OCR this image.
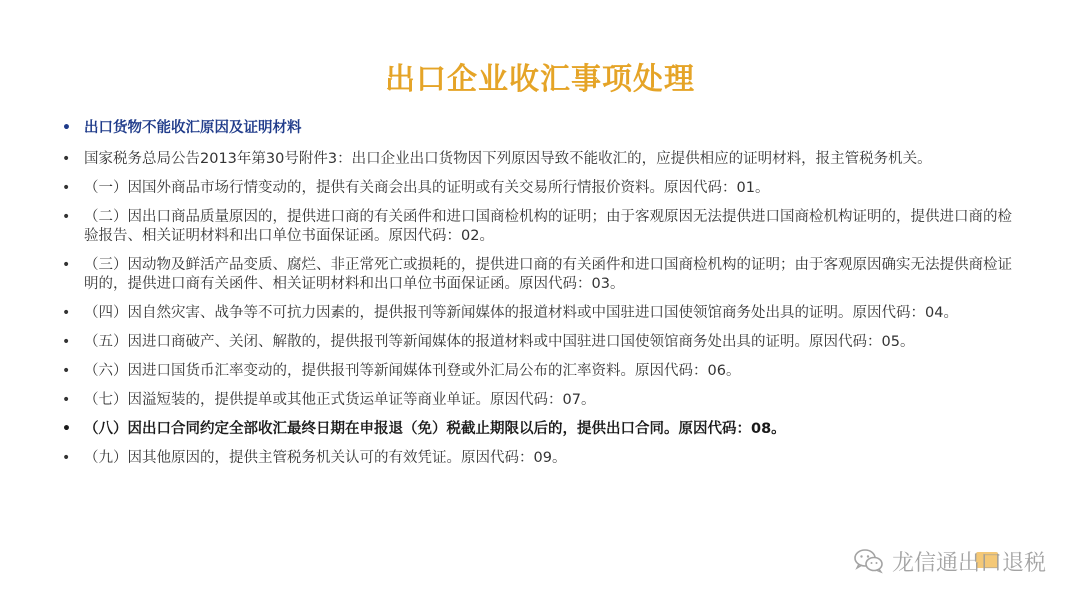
出口企业收汇事项处理
• 出口货物不能收汇原因及证明材料
• 国家税务总局公告2013年第30号附件3：出口企业出口货物因下列原因导致不能收汇的，应提供相应的证明材料，报主管税务机关。
• （一）因国外商品市场行情变动的，提供有关商会出具的证明或有关交易所行情报价资料。原因代码：01。
• （二）因出口商品质量原因的，提供进口商的有关函件和进口国商检机构的证明；由于客观原因无法提供进口国商检机构证明的，提供进口商的检验报告、相关证明材料和出口单位书面保证函。原因代码：02。
• （三）因动物及鲜活产品变质、腐烂、非正常死亡或损耗的，提供进口商的有关函件和进口国商检机构的证明；由于客观原因确实无法提供商检证明的，提供进口商有关函件、相关证明材料和出口单位书面保证函。原因代码：03。
• （四）因自然灾害、战争等不可抗力因素的，提供报刊等新闻媒体的报道材料或中国驻进口国使领馆商务处出具的证明。原因代码：04。
• （五）因进口商破产、关闭、解散的，提供报刊等新闻媒体的报道材料或中国驻进口国使领馆商务处出具的证明。原因代码：05。
• （六）因进口国货币汇率变动的，提供报刊等新闻媒体刊登或外汇局公布的汇率资料。原因代码：06。
• （七）因溢短装的，提供提单或其他正式货运单证等商业单证。原因代码：07。
• （八）因出口合同约定全部收汇最终日期在申报退（免）税截止期限以后的，提供出口合同。原因代码：08。
• （九）因其他原因的，提供主管税务机关认可的有效凭证。原因代码：09。
龙信通出口退税
